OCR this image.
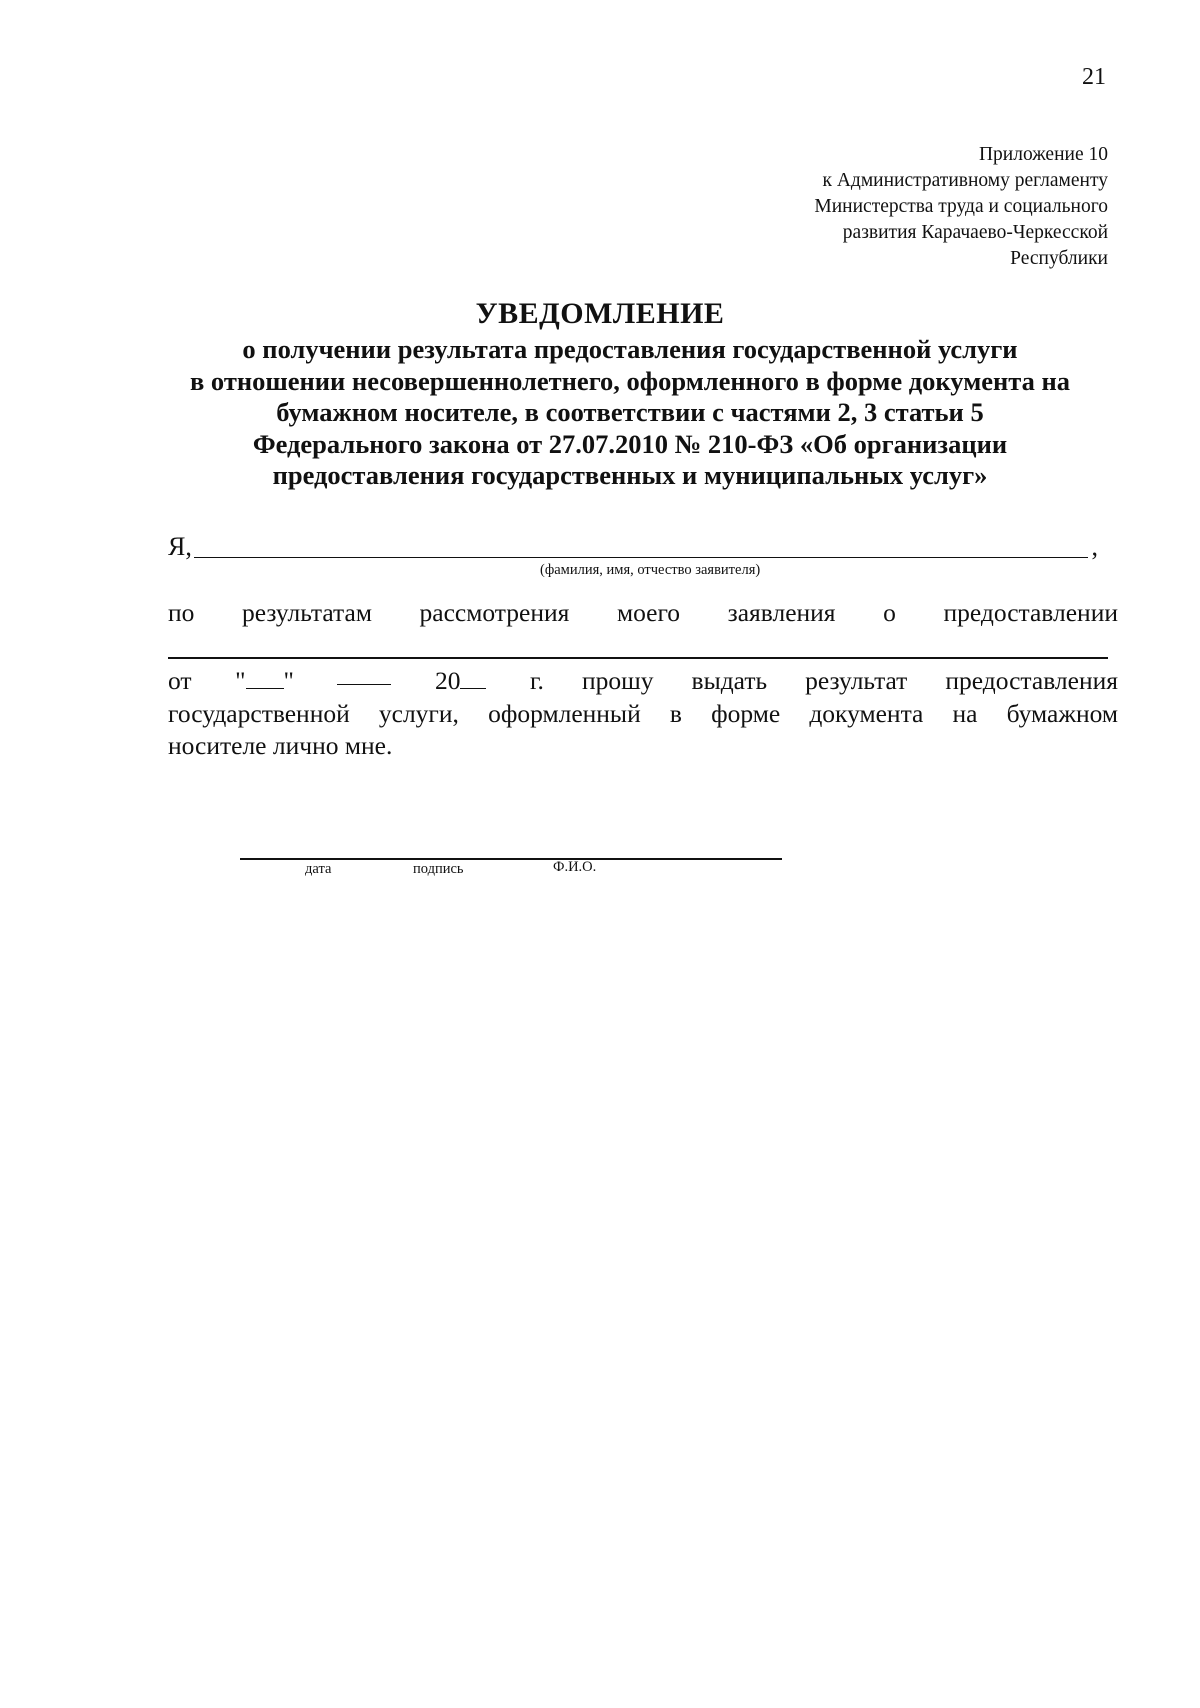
21
Приложение 10
к Административному регламенту
Министерства труда и социального
развития Карачаево-Черкесской
Республики
УВЕДОМЛЕНИЕ
о получении результата предоставления государственной услуги
в отношении несовершеннолетнего, оформленного в форме документа на
бумажном носителе, в соответствии с частями 2, 3 статьи 5
Федерального закона от 27.07.2010 № 210-ФЗ «Об организации
предоставления государственных и муниципальных услуг»
Я,	,
(фамилия, имя, отчество заявителя)
по результатам рассмотрения моего заявления о предоставлении
от " "	20	г. прошу выдать результат предоставления
государственной услуги, оформленный в форме документа на бумажном
носителе лично мне.
дата	подпись	Ф.И.О.
